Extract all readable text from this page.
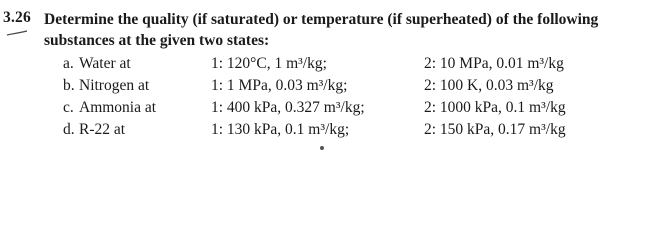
3.26 Determine the quality (if saturated) or temperature (if superheated) of the following
substances at the given two states:
a. Water at	1: 120°C, 1 m³/kg;	2: 10 MPa, 0.01 m³/kg
b. Nitrogen at	1: 1 MPa, 0.03 m³/kg;	2: 100 K, 0.03 m³/kg
c. Ammonia at	1: 400 kPa, 0.327 m³/kg;	2: 1000 kPa, 0.1 m³/kg
d. R-22 at	1: 130 kPa, 0.1 m³/kg;	2: 150 kPa, 0.17 m³/kg
